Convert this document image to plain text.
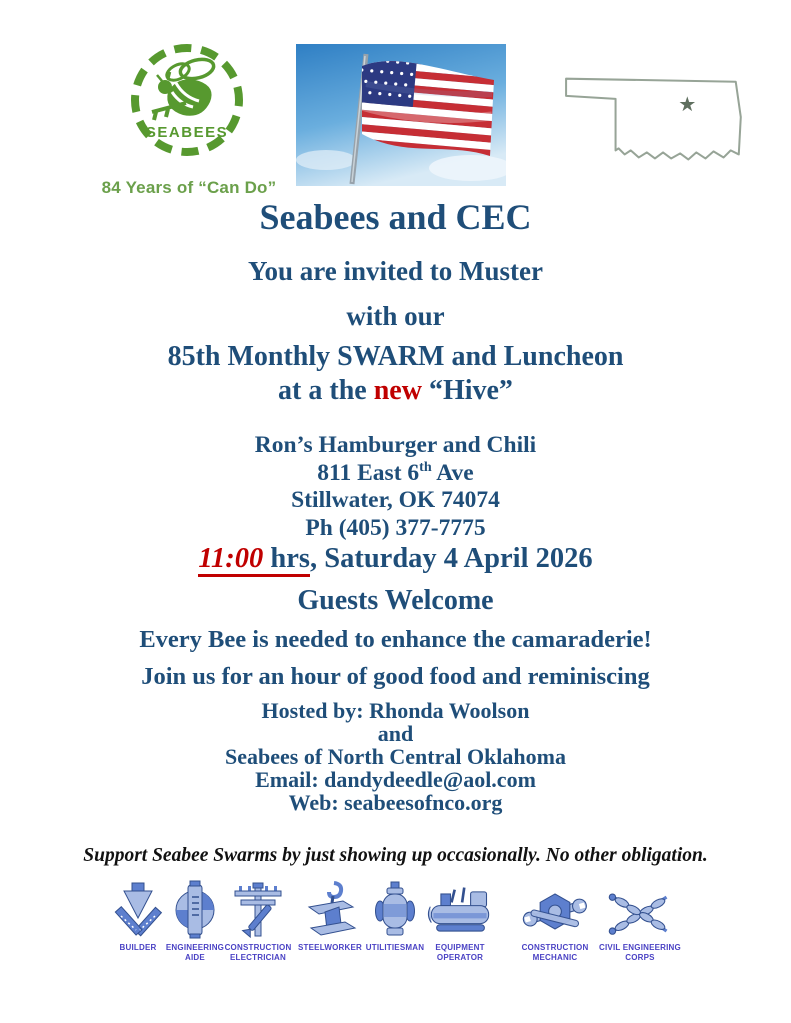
SEABEES
84 Years of “Can Do”
★
Seabees and CEC
You are invited to Muster
with our
85th Monthly SWARM and Luncheon
at a the new “Hive”
Ron’s Hamburger and Chili
811 East 6th Ave
Stillwater, OK 74074
Ph (405) 377-7775
11:00 hrs, Saturday 4 April 2026
Guests Welcome
Every Bee is needed to enhance the camaraderie!
Join us for an hour of good food and reminiscing
Hosted by: Rhonda Woolson
and
Seabees of North Central Oklahoma
Email: dandydeedle@aol.com
Web: seabeesofnco.org
Support Seabee Swarms by just showing up occasionally. No other obligation.
BUILDER	ENGINEERING AIDE
CONSTRUCTION ELECTRICIAN
STEELWORKER UTILITIESMAN	EQUIPMENT OPERATOR
CONSTRUCTION MECHANIC
CIVIL ENGINEERING CORPS
